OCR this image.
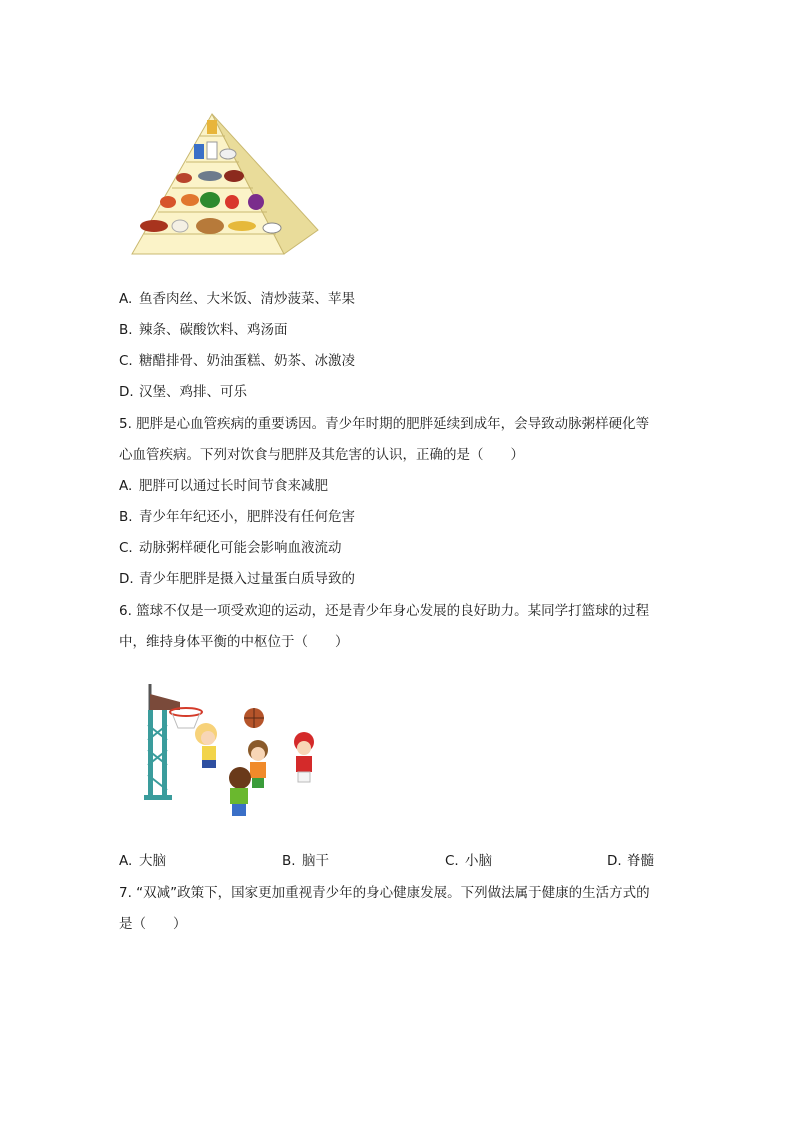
A. 鱼香肉丝、大米饭、清炒菠菜、苹果
B. 辣条、碳酸饮料、鸡汤面
C. 糖醋排骨、奶油蛋糕、奶茶、冰激凌
D. 汉堡、鸡排、可乐
5. 肥胖是心血管疾病的重要诱因。青少年时期的肥胖延续到成年，会导致动脉粥样硬化等
心血管疾病。下列对饮食与肥胖及其危害的认识，正确的是（　　）
A. 肥胖可以通过长时间节食来减肥
B. 青少年年纪还小，肥胖没有任何危害
C. 动脉粥样硬化可能会影响血液流动
D. 青少年肥胖是摄入过量蛋白质导致的
6. 篮球不仅是一项受欢迎的运动，还是青少年身心发展的良好助力。某同学打篮球的过程
中，维持身体平衡的中枢位于（　　）
A. 大脑	B. 脑干	C. 小脑	D. 脊髓
7. “双减”政策下，国家更加重视青少年的身心健康发展。下列做法属于健康的生活方式的
是（　　）
